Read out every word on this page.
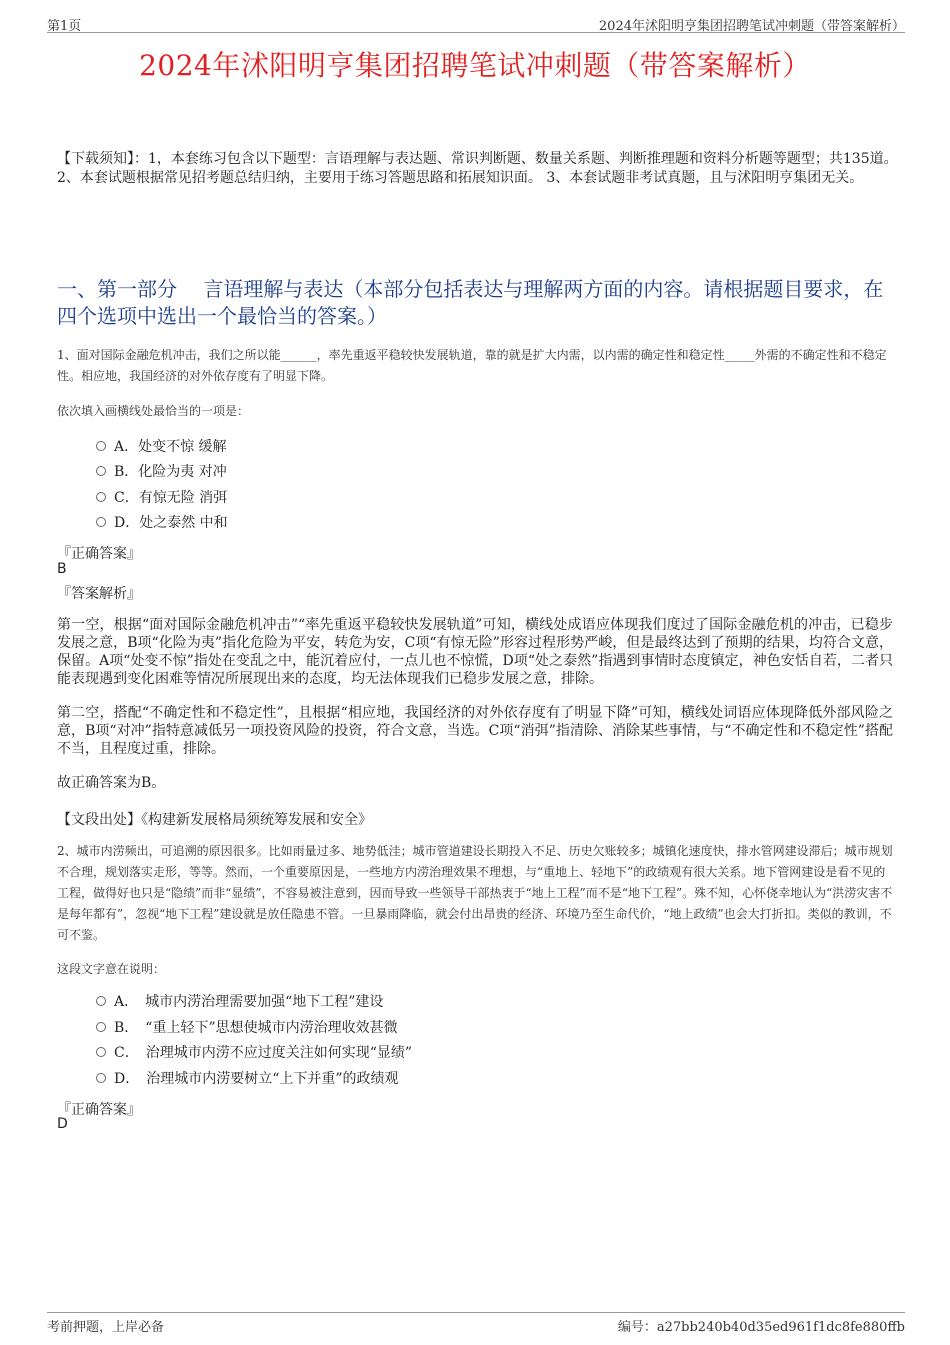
第1页	2024年沭阳明亨集团招聘笔试冲刺题（带答案解析）
2024年沭阳明亨集团招聘笔试冲刺题（带答案解析）
【下载须知】：1，本套练习包含以下题型：言语理解与表达题、常识判断题、数量关系题、判断推理题和资料分析题等题型；共135道。 2、本套试题根据常见招考题总结归纳，主要用于练习答题思路和拓展知识面。 3、本套试题非考试真题，且与沭阳明亨集团无关。
一、第一部分　 言语理解与表达（本部分包括表达与理解两方面的内容。请根据题目要求，在四个选项中选出一个最恰当的答案。）
1、面对国际金融危机冲击，我们之所以能______，率先重返平稳较快发展轨道，靠的就是扩大内需，以内需的确定性和稳定性_____外需的不确定性和不稳定性。相应地，我国经济的对外依存度有了明显下降。
依次填入画横线处最恰当的一项是：
A．处变不惊 缓解
B．化险为夷 对冲
C．有惊无险 消弭
D．处之泰然 中和
『正确答案』
B
『答案解析』
第一空，根据“面对国际金融危机冲击”“率先重返平稳较快发展轨道”可知，横线处成语应体现我们度过了国际金融危机的冲击，已稳步发展之意，B项“化险为夷”指化危险为平安，转危为安，C项“有惊无险”形容过程形势严峻，但是最终达到了预期的结果，均符合文意，保留。A项“处变不惊”指处在变乱之中，能沉着应付，一点儿也不惊慌，D项“处之泰然”指遇到事情时态度镇定，神色安恬自若，二者只能表现遇到变化困难等情况所展现出来的态度，均无法体现我们已稳步发展之意，排除。
第二空，搭配“不确定性和不稳定性”，且根据“相应地，我国经济的对外依存度有了明显下降”可知，横线处词语应体现降低外部风险之意，B项“对冲”指特意减低另一项投资风险的投资，符合文意，当选。C项“消弭”指清除、消除某些事情，与“不确定性和不稳定性”搭配不当，且程度过重，排除。
故正确答案为B。
【文段出处】《构建新发展格局须统筹发展和安全》
2、城市内涝频出，可追溯的原因很多。比如雨量过多、地势低洼；城市管道建设长期投入不足、历史欠账较多；城镇化速度快，排水管网建设滞后；城市规划不合理，规划落实走形，等等。然而，一个重要原因是，一些地方内涝治理效果不理想，与“重地上、轻地下”的政绩观有很大关系。地下管网建设是看不见的工程，做得好也只是“隐绩”而非“显绩”，不容易被注意到，因而导致一些领导干部热衷于“地上工程”而不是“地下工程”。殊不知，心怀侥幸地认为“洪涝灾害不是每年都有”，忽视“地下工程”建设就是放任隐患不管。一旦暴雨降临，就会付出昂贵的经济、环境乃至生命代价，“地上政绩”也会大打折扣。类似的教训，不可不鉴。
这段文字意在说明：
A．　城市内涝治理需要加强“地下工程”建设
B．　“重上轻下”思想使城市内涝治理收效甚微
C．　治理城市内涝不应过度关注如何实现“显绩”
D．　治理城市内涝要树立“上下并重”的政绩观
『正确答案』
D
考前押题，上岸必备	编号：a27bb240b40d35ed961f1dc8fe880ffb
